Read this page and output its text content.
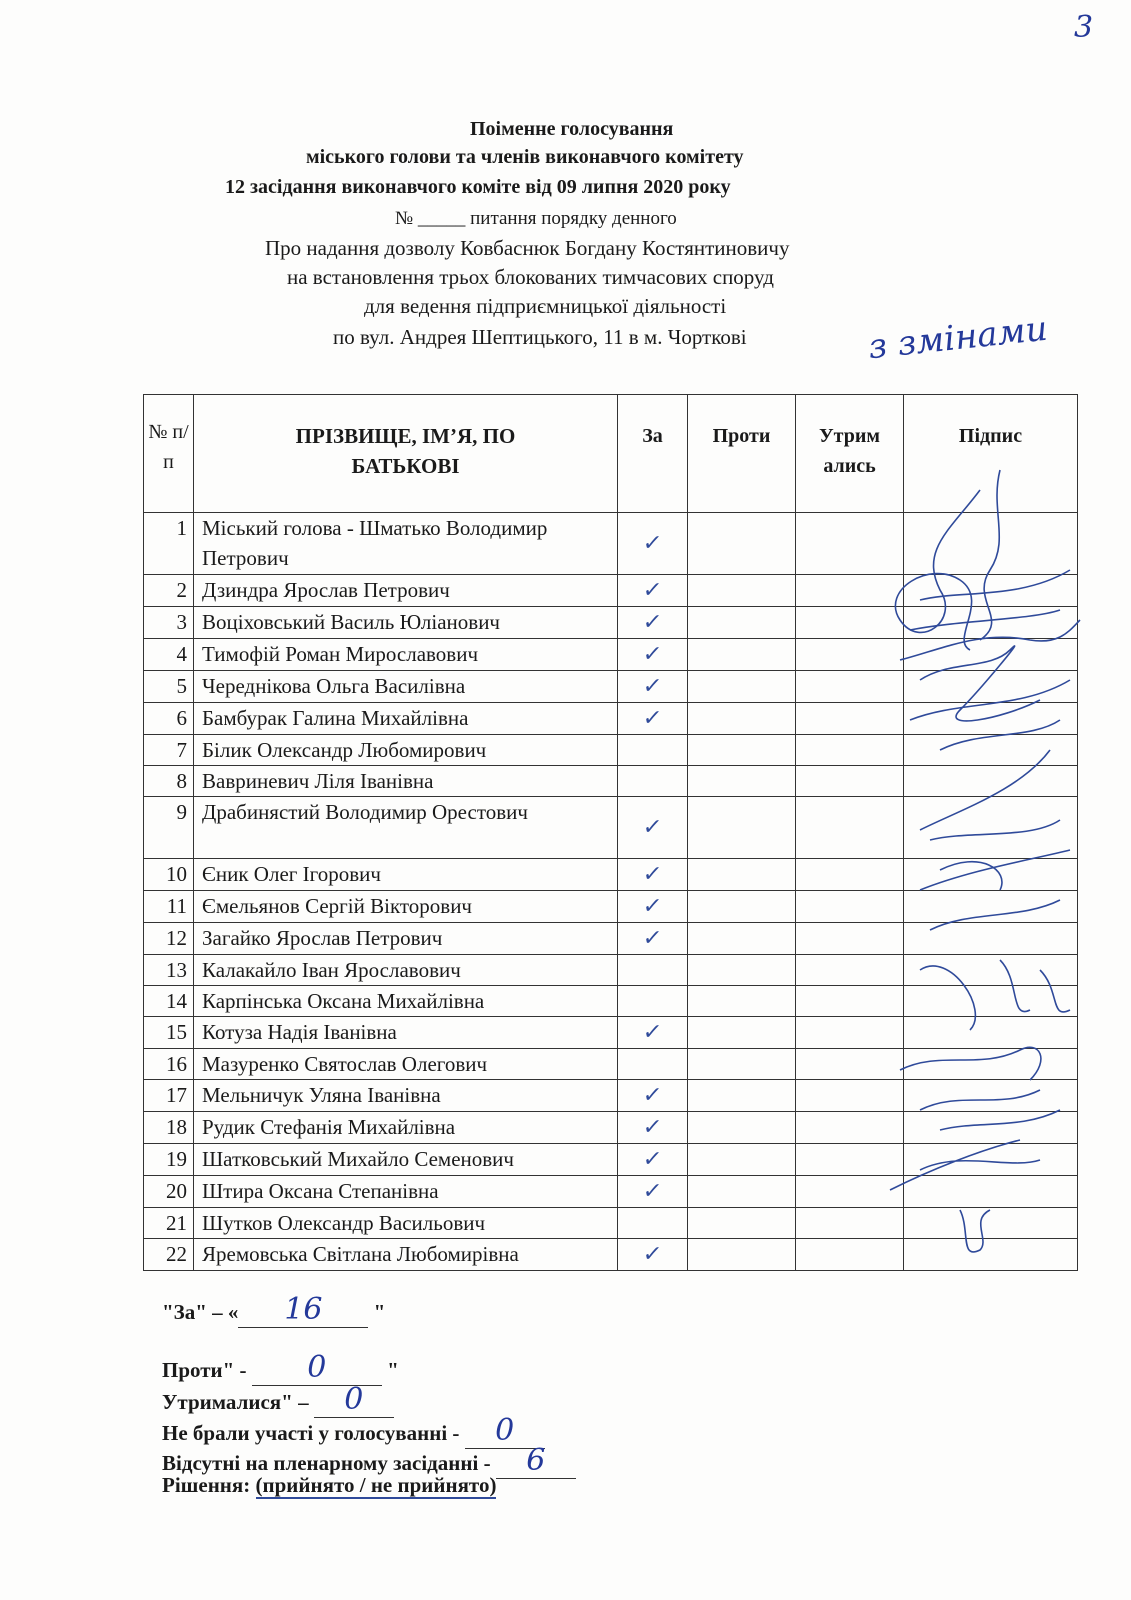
3
Поіменне голосування
міського голови та членів виконавчого комітету
12 засідання виконавчого коміте від 09 липня 2020 року
№ _____ питання порядку денного
Про надання дозволу Ковбаснюк Богдану Костянтиновичу
на встановлення трьох блокованих тимчасових споруд
для ведення підприємницької діяльності
по вул. Андрея Шептицького, 11 в м. Чорткові	з змінами
№ п/п	ПРІЗВИЩЕ, ІМ’Я, ПО БАТЬКОВІ	За	Проти	Утрим ались	Підпис
1	Міський голова - Шматько Володимир Петрович	✓			
2	Дзиндра Ярослав Петрович	✓			
3	Воціховський Василь Юліанович	✓			
4	Тимофій Роман Мирославович	✓			
5	Череднікова Ольга Василівна	✓			
6	Бамбурак Галина Михайлівна	✓			
7	Білик Олександр Любомирович				
8	Вавриневич Ліля Іванівна				
9	Драбинястий Володимир Орестович	✓			
10	Єник Олег Ігорович	✓			
11	Ємельянов Сергій Вікторович	✓			
12	Загайко Ярослав Петрович	✓			
13	Калакайло Іван Ярославович				
14	Карпінська Оксана Михайлівна				
15	Котуза Надія Іванівна	✓			
16	Мазуренко Святослав Олегович				
17	Мельничук Уляна Іванівна	✓			
18	Рудик Стефанія Михайлівна	✓			
19	Шатковський Михайло Семенович	✓			
20	Штира Оксана Степанівна	✓			
21	Шутков Олександр Васильович				
22	Яремовська Світлана Любомирівна	✓			
"За" – « 16 "
Проти" - 0	"
Утрималися" – 0
Не брали участі у голосуванні - 0
Відсутні на пленарному засіданні - 6
Рішення: (прийнято / не прийнято)
